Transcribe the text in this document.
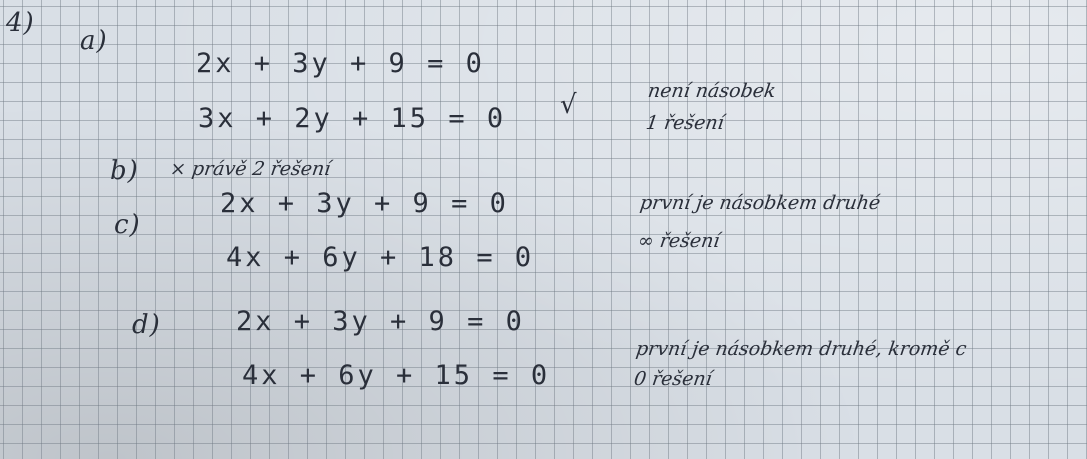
4)
a)
2x + 3y + 9 = 0
3x + 2y + 15 = 0 √	není násobek
1 řešení
b) × právě 2 řešení
c)
2x + 3y + 9 = 0
4x + 6y + 18 = 0
první je násobkem druhé
∞ řešení
d)	2x + 3y + 9 = 0
4x + 6y + 15 = 0
první je násobkem druhé, kromě c
0 řešení
